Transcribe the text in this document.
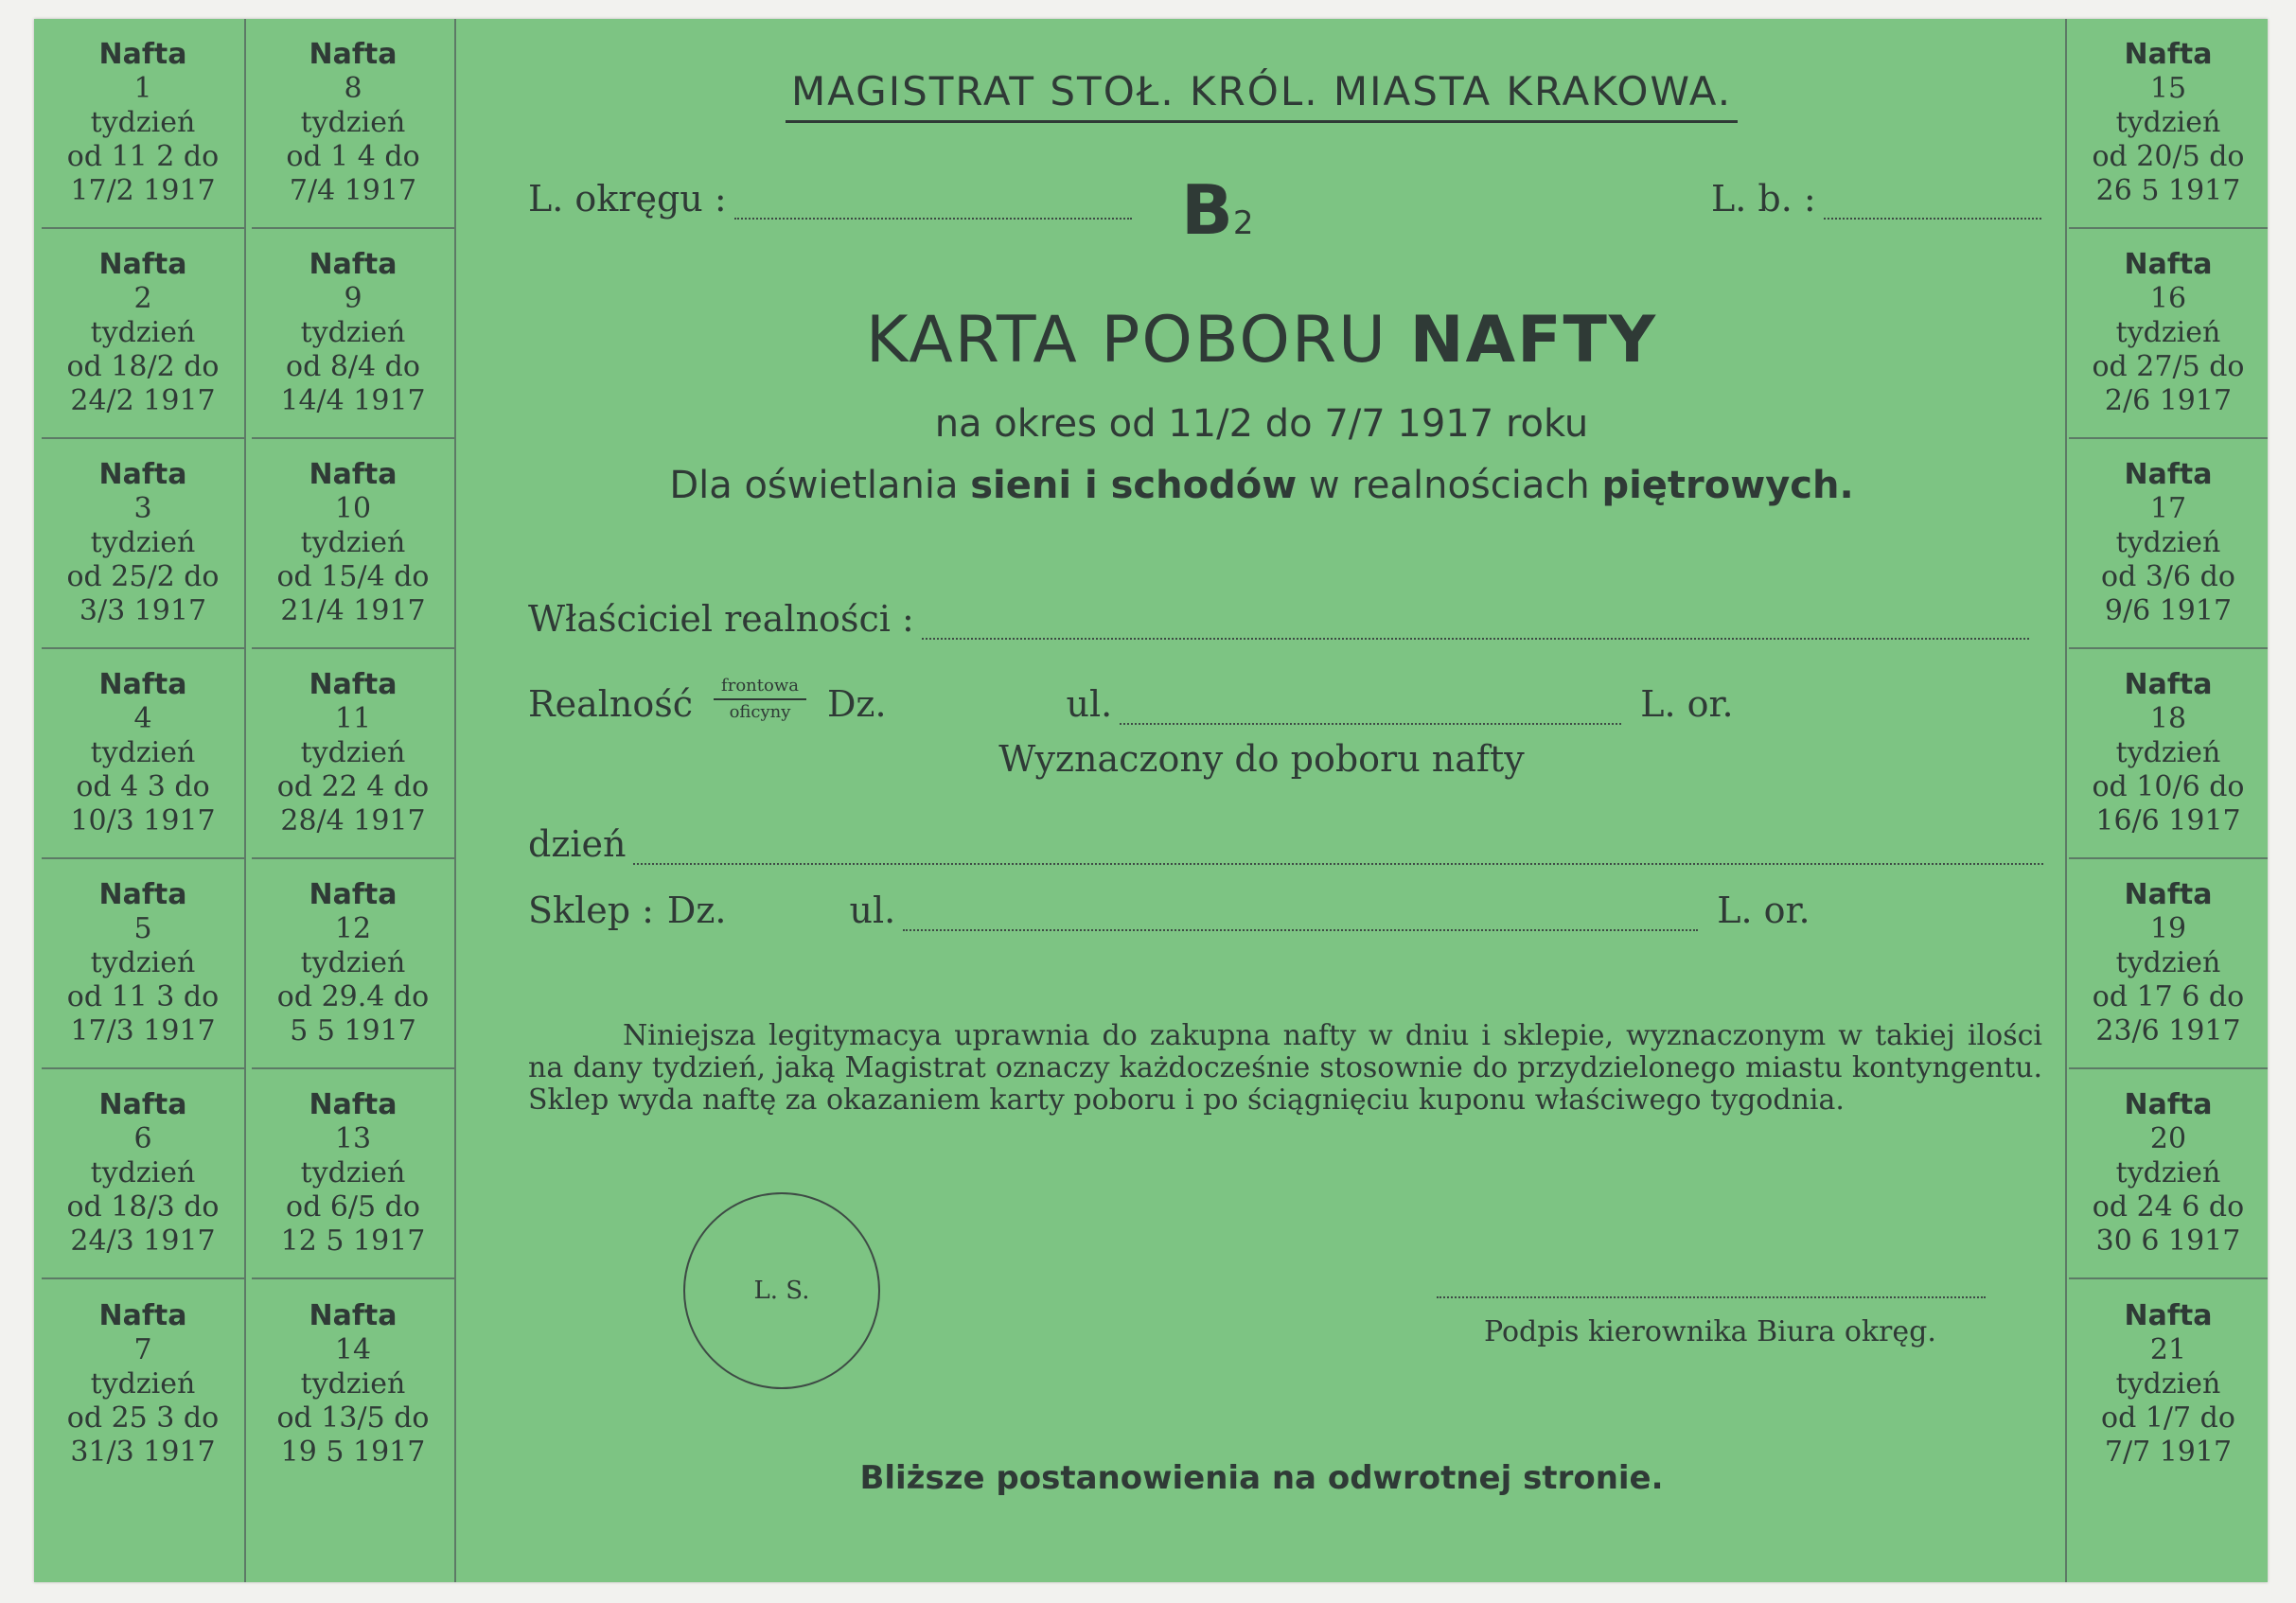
Nafta
1
tydzień
od 11 2 do
17/2 1917
Nafta
2
tydzień
od 18/2 do
24/2 1917
Nafta
3
tydzień
od 25/2 do
3/3 1917
Nafta
4
tydzień
od 4 3 do
10/3 1917
Nafta
5
tydzień
od 11 3 do
17/3 1917
Nafta
6
tydzień
od 18/3 do
24/3 1917
Nafta
7
tydzień
od 25 3 do
31/3 1917
Nafta
8
tydzień
od 1 4 do
7/4 1917
Nafta
9
tydzień
od 8/4 do
14/4 1917
Nafta
10
tydzień
od 15/4 do
21/4 1917
Nafta
11
tydzień
od 22 4 do
28/4 1917
Nafta
12
tydzień
od 29.4 do
5 5 1917
Nafta
13
tydzień
od 6/5 do
12 5 1917
Nafta
14
tydzień
od 13/5 do
19 5 1917
Nafta
15
tydzień
od 20/5 do
26 5 1917
Nafta
16
tydzień
od 27/5 do
2/6 1917
Nafta
17
tydzień
od 3/6 do
9/6 1917
Nafta
18
tydzień
od 10/6 do
16/6 1917
Nafta
19
tydzień
od 17 6 do
23/6 1917
Nafta
20
tydzień
od 24 6 do
30 6 1917
Nafta
21
tydzień
od 1/7 do
7/7 1917
MAGISTRAT STOŁ. KRÓL. MIASTA KRAKOWA.
L. okręgu :	B2
L. b. :
KARTA POBORU NAFTY
na okres od 11/2 do 7/7 1917 roku
Dla oświetlania sieni i schodów w realnościach piętrowych.
Właściciel realności :
Realność $\frac{\text{frontowa}}{\text{oficyny}} Dz$.	ul.	L. or.
Wyznaczony do poboru nafty
dzień
Sklep : Dz.	ul.	L. or.
Niniejsza legitymacya uprawnia do zakupna nafty w dniu i sklepie, wyznaczonym w takiej ilości na dany tydzień, jaką Magistrat oznaczy każdocześnie stosownie do przydzielonego miastu kontyngentu. Sklep wyda naftę za okazaniem karty poboru i po ściągnięciu kuponu właściwego tygodnia.
L. S.
Podpis kierownika Biura okręg.
Bliższe postanowienia na odwrotnej stronie.
